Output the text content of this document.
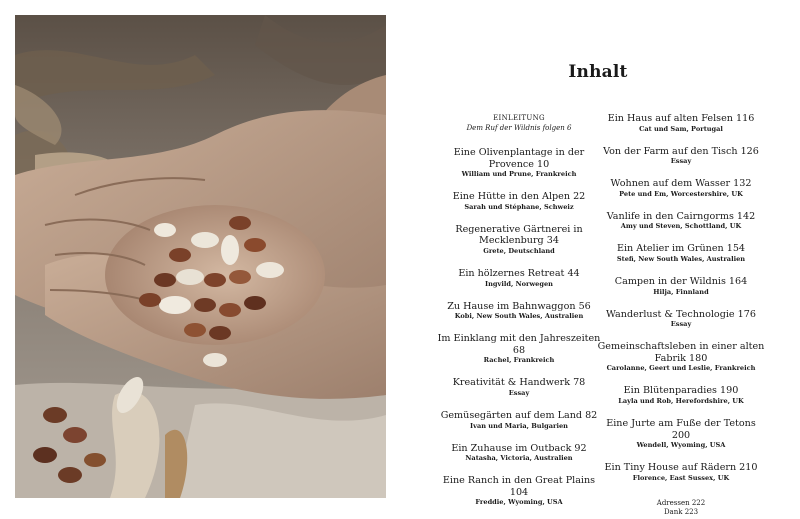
Inhalt
EINLEITUNG
Dem Ruf der Wildnis folgen 6
Eine Olivenplantage in der Provence 10
William und Prune, Frankreich
Eine Hütte in den Alpen 22
Sarah und Stéphane, Schweiz
Regenerative Gärtnerei in Mecklenburg 34
Grete, Deutschland
Ein hölzernes Retreat 44
Ingvild, Norwegen
Zu Hause im Bahnwaggon 56
Kobi, New South Wales, Australien
Im Einklang mit den Jahreszeiten 68
Rachel, Frankreich
Kreativität & Handwerk 78
Essay
Gemüsegärten auf dem Land 82
Ivan und Maria, Bulgarien
Ein Zuhause im Outback 92
Natasha, Victoria, Australien
Eine Ranch in den Great Plains 104
Freddie, Wyoming, USA
Ein Haus auf alten Felsen 116
Cat und Sam, Portugal
Von der Farm auf den Tisch 126
Essay
Wohnen auf dem Wasser 132
Pete und Em, Worcestershire, UK
Vanlife in den Cairngorms 142
Amy und Steven, Schottland, UK
Ein Atelier im Grünen 154
Stefi, New South Wales, Australien
Campen in der Wildnis 164
Hilja, Finnland
Wanderlust & Technologie 176
Essay
Gemeinschaftsleben in einer alten Fabrik 180
Carolanne, Geert und Leslie, Frankreich
Ein Blütenparadies 190
Layla und Rob, Herefordshire, UK
Eine Jurte am Fuße der Tetons 200
Wendell, Wyoming, USA
Ein Tiny House auf Rädern 210
Florence, East Sussex, UK
Adressen 222
Dank 223
